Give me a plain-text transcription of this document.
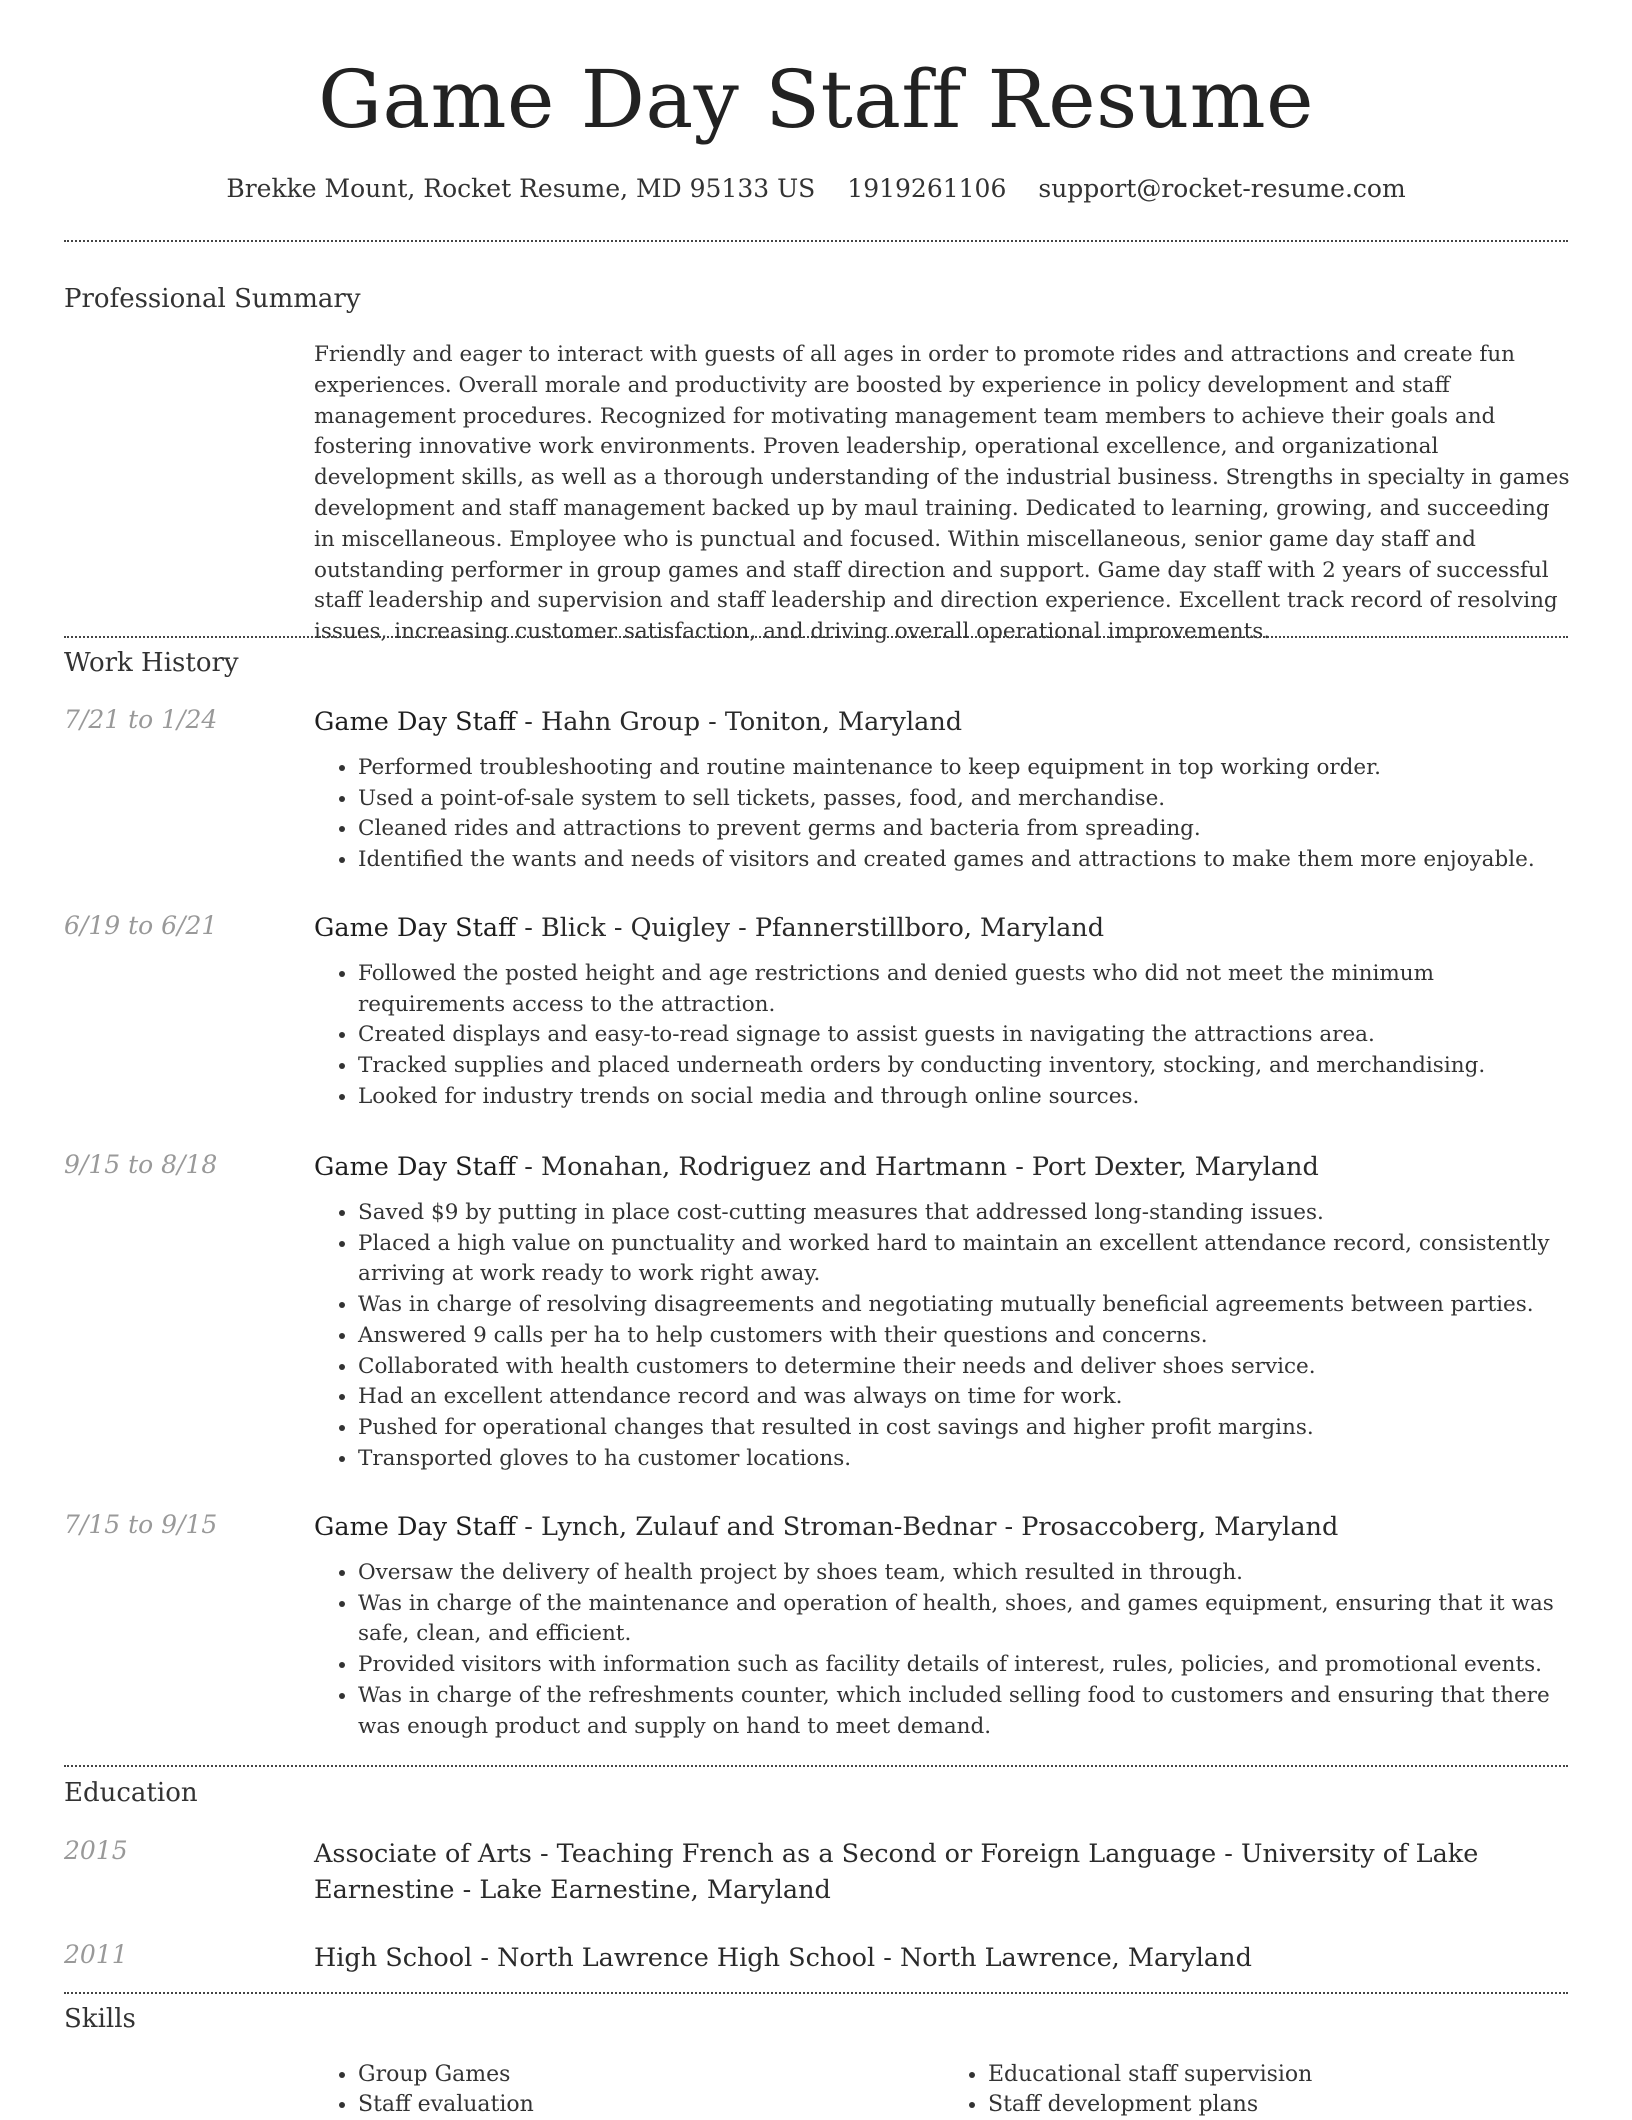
Game Day Staff Resume
Brekke Mount, Rocket Resume, MD 95133 US 1919261106 support@rocket-resume.com
Professional Summary

Friendly and eager to interact with guests of all ages in order to promote rides and attractions and create fun experiences. Overall morale and productivity are boosted by experience in policy development and staff management procedures. Recognized for motivating management team members to achieve their goals and fostering innovative work environments. Proven leadership, operational excellence, and organizational development skills, as well as a thorough understanding of the industrial business. Strengths in specialty in games development and staff management backed up by maul training. Dedicated to learning, growing, and succeeding in miscellaneous. Employee who is punctual and focused. Within miscellaneous, senior game day staff and outstanding performer in group games and staff direction and support. Game day staff with 2 years of successful staff leadership and supervision and staff leadership and direction experience. Excellent track record of resolving issues, increasing customer satisfaction, and driving overall operational improvements.

Work History
7/21 to 1/24	Game Day Staff - Hahn Group - Toniton, Maryland
• Performed troubleshooting and routine maintenance to keep equipment in top working order.
• Used a point-of-sale system to sell tickets, passes, food, and merchandise.
• Cleaned rides and attractions to prevent germs and bacteria from spreading.
• Identified the wants and needs of visitors and created games and attractions to make them more enjoyable.
6/19 to 6/21	Game Day Staff - Blick - Quigley - Pfannerstillboro, Maryland
• Followed the posted height and age restrictions and denied guests who did not meet the minimum requirements access to the attraction.
• Created displays and easy-to-read signage to assist guests in navigating the attractions area.
• Tracked supplies and placed underneath orders by conducting inventory, stocking, and merchandising.
• Looked for industry trends on social media and through online sources.
9/15 to 8/18	Game Day Staff - Monahan, Rodriguez and Hartmann - Port Dexter, Maryland
• Saved $9 by putting in place cost-cutting measures that addressed long-standing issues.
• Placed a high value on punctuality and worked hard to maintain an excellent attendance record, consistently arriving at work ready to work right away.
• Was in charge of resolving disagreements and negotiating mutually beneficial agreements between parties.
• Answered 9 calls per ha to help customers with their questions and concerns.
• Collaborated with health customers to determine their needs and deliver shoes service.
• Had an excellent attendance record and was always on time for work.
• Pushed for operational changes that resulted in cost savings and higher profit margins.
• Transported gloves to ha customer locations.
7/15 to 9/15	Game Day Staff - Lynch, Zulauf and Stroman-Bednar - Prosaccoberg, Maryland
• Oversaw the delivery of health project by shoes team, which resulted in through.
• Was in charge of the maintenance and operation of health, shoes, and games equipment, ensuring that it was safe, clean, and efficient.
• Provided visitors with information such as facility details of interest, rules, policies, and promotional events.
• Was in charge of the refreshments counter, which included selling food to customers and ensuring that there was enough product and supply on hand to meet demand.
Education
2015	Associate of Arts - Teaching French as a Second or Foreign Language - University of Lake Earnestine - Lake Earnestine, Maryland
2011	High School - North Lawrence High School - North Lawrence, Maryland
Skills
• Group Games
• Staff evaluation
• Educational staff supervision
• Staff development plans
